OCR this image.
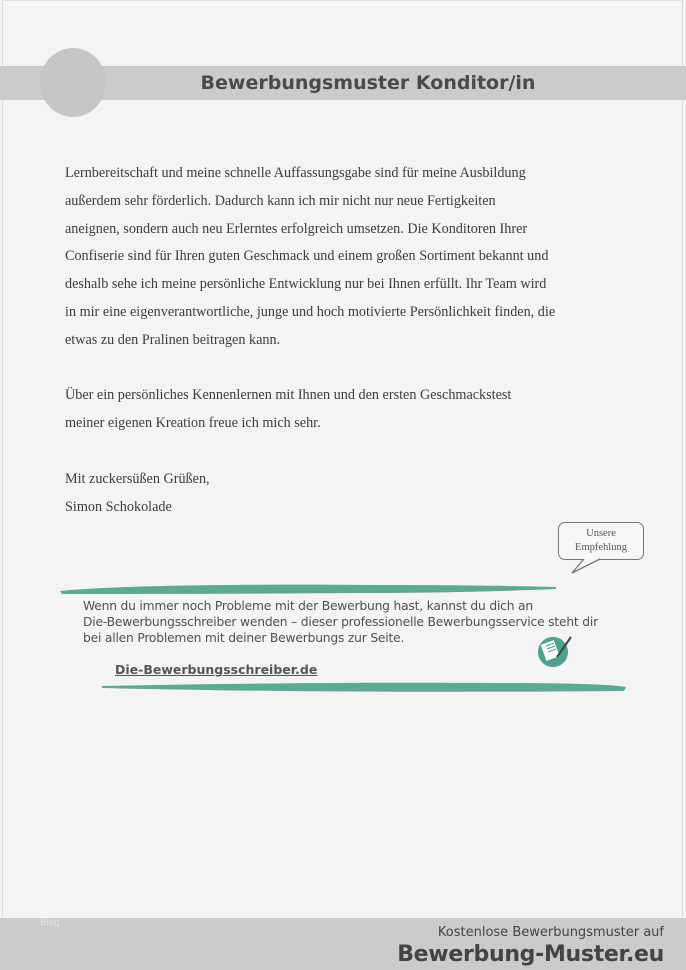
Bewerbungsmuster Konditor/in

Lernbereitschaft und meine schnelle Auffassungsgabe sind für meine Ausbildung

außerdem sehr förderlich. Dadurch kann ich mir nicht nur neue Fertigkeiten

aneignen, sondern auch neu Erlerntes erfolgreich umsetzen. Die Konditoren Ihrer

Confiserie sind für Ihren guten Geschmack und einem großen Sortiment bekannt und

deshalb sehe ich meine persönliche Entwicklung nur bei Ihnen erfüllt. Ihr Team wird

in mir eine eigenverantwortliche, junge und hoch motivierte Persönlichkeit finden, die

etwas zu den Pralinen beitragen kann.

Über ein persönliches Kennenlernen mit Ihnen und den ersten Geschmackstest

meiner eigenen Kreation freue ich mich sehr.

Mit zuckersüßen Grüßen,

Simon Schokolade

Unsere
Empfehlung
Wenn du immer noch Probleme mit der Bewerbung hast, kannst du dich an
Die-Bewerbungsschreiber wenden – dieser professionelle Bewerbungsservice steht dir
bei allen Problemen mit deiner Bewerbungs zur Seite.
Die-Bewerbungsschreiber.de
Blog
Kostenlose Bewerbungsmuster auf
Bewerbung-Muster.eu
